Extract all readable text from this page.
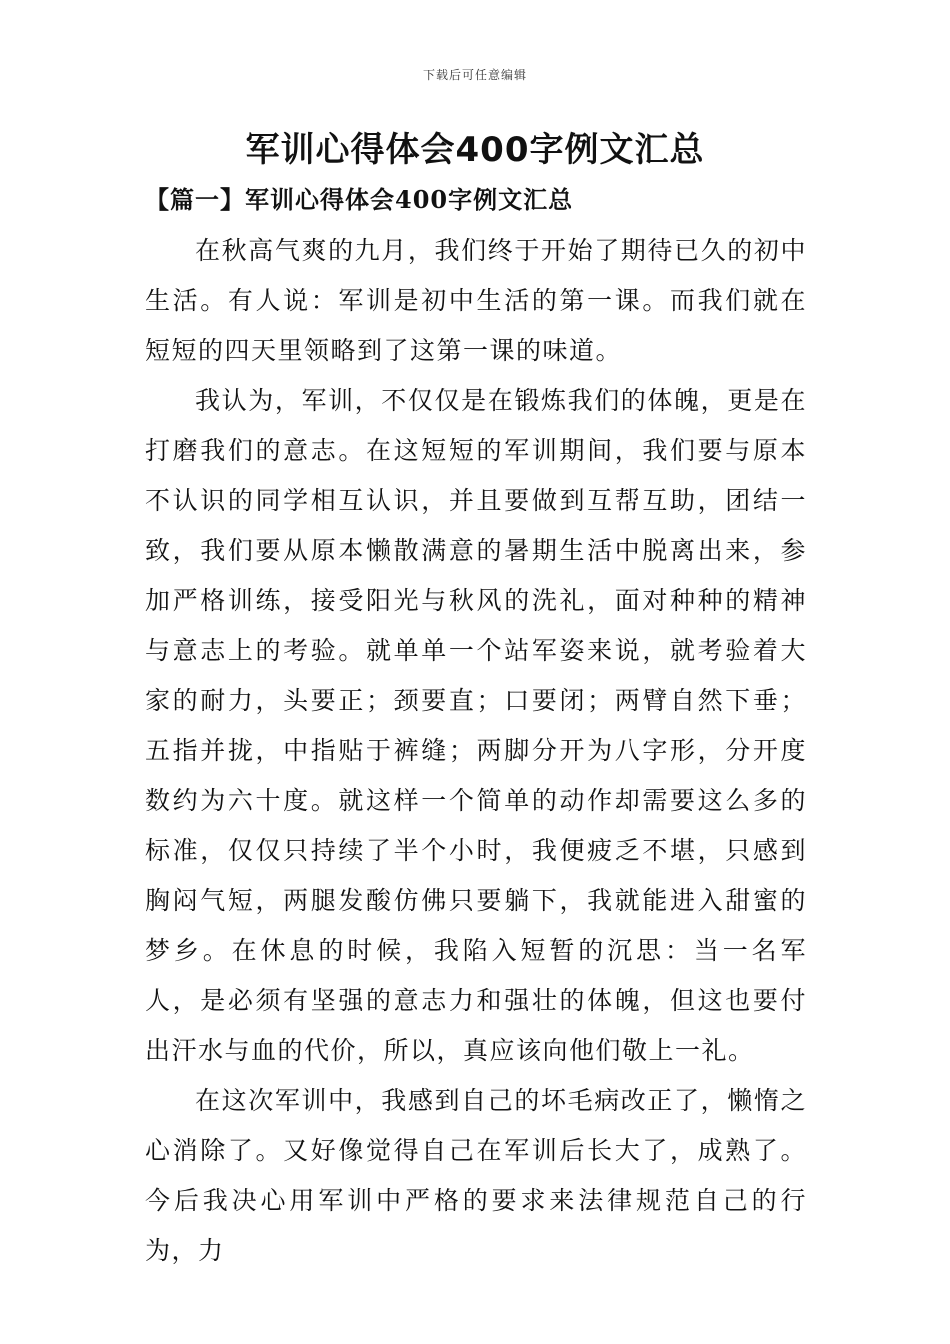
下载后可任意编辑
军训心得体会400字例文汇总
【篇一】军训心得体会400字例文汇总

在秋高气爽的九月，我们终于开始了期待已久的初中生活。有人说：军训是初中生活的第一课。而我们就在短短的四天里领略到了这第一课的味道。

我认为，军训，不仅仅是在锻炼我们的体魄，更是在打磨我们的意志。在这短短的军训期间，我们要与原本不认识的同学相互认识，并且要做到互帮互助，团结一致，我们要从原本懒散满意的暑期生活中脱离出来，参加严格训练，接受阳光与秋风的洗礼，面对种种的精神与意志上的考验。就单单一个站军姿来说，就考验着大家的耐力，头要正；颈要直；口要闭；两臂自然下垂；五指并拢，中指贴于裤缝；两脚分开为八字形，分开度数约为六十度。就这样一个简单的动作却需要这么多的标准，仅仅只持续了半个小时，我便疲乏不堪，只感到胸闷气短，两腿发酸仿佛只要躺下，我就能进入甜蜜的梦乡。在休息的时候，我陷入短暂的沉思：当一名军人，是必须有坚强的意志力和强壮的体魄，但这也要付出汗水与血的代价，所以，真应该向他们敬上一礼。

在这次军训中，我感到自己的坏毛病改正了，懒惰之心消除了。又好像觉得自己在军训后长大了，成熟了。今后我决心用军训中严格的要求来法律规范自己的行为，力
